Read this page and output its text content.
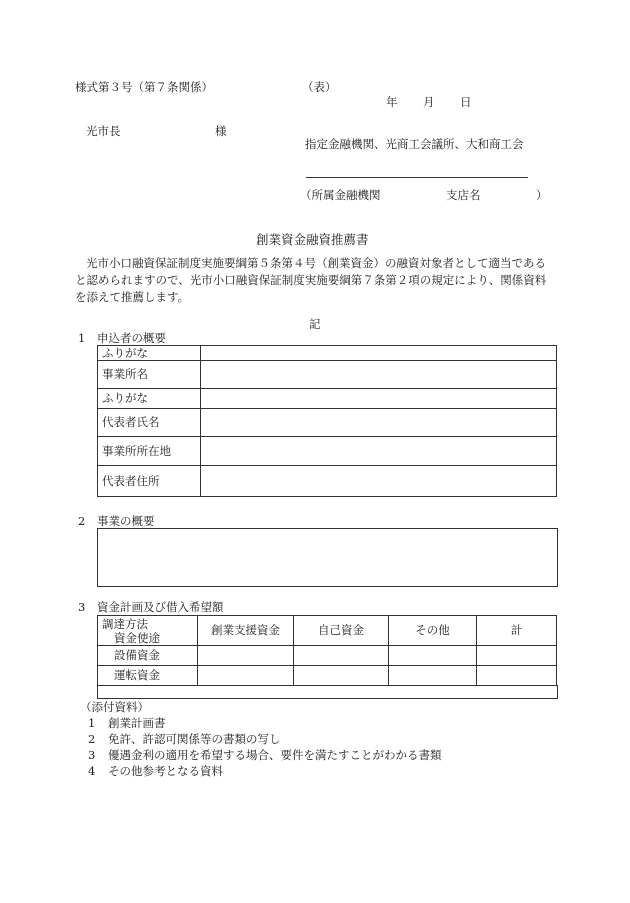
様式第３号（第７条関係）	（表）
年 月 日
光市長	様
指定金融機関、光商工会議所、大和商工会
（所属金融機関	支店名	）
創業資金融資推薦書
光市小口融資保証制度実施要綱第５条第４号（創業資金）の融資対象者として適当である
と認められますので、光市小口融資保証制度実施要綱第７条第２項の規定により、関係資料
を添えて推薦します。
記
1 申込者の概要
ふりがな	
事業所名	
ふりがな	
代表者氏名	
事業所所在地	
代表者住所	
2 事業の概要
3 資金計画及び借入希望額
調達方法
資金使途	創業支援資金	自己資金	その他	計
設備資金				
運転資金				
（添付資料）
1 創業計画書
2 免許、許認可関係等の書類の写し
3 優遇金利の適用を希望する場合、要件を満たすことがわかる書類
4 その他参考となる資料
